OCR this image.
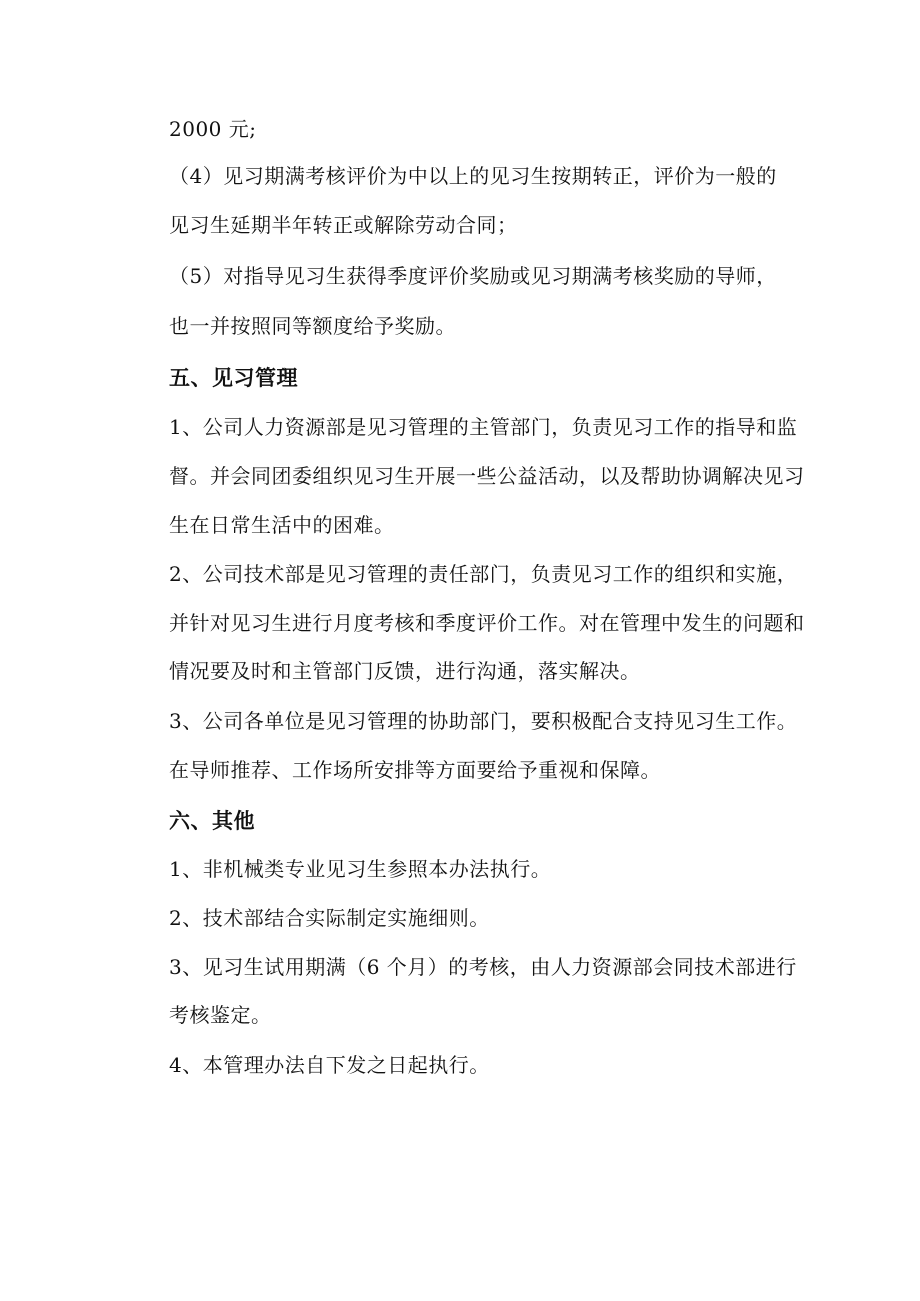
2000 元;

（4）见习期满考核评价为中以上的见习生按期转正，评价为一般的

见习生延期半年转正或解除劳动合同；

（5）对指导见习生获得季度评价奖励或见习期满考核奖励的导师，

也一并按照同等额度给予奖励。

五、见习管理

1、公司人力资源部是见习管理的主管部门，负责见习工作的指导和监

督。并会同团委组织见习生开展一些公益活动，以及帮助协调解决见习

生在日常生活中的困难。

2、公司技术部是见习管理的责任部门，负责见习工作的组织和实施，

并针对见习生进行月度考核和季度评价工作。对在管理中发生的问题和

情况要及时和主管部门反馈，进行沟通，落实解决。

3、公司各单位是见习管理的协助部门，要积极配合支持见习生工作。

在导师推荐、工作场所安排等方面要给予重视和保障。

六、其他

1、非机械类专业见习生参照本办法执行。

2、技术部结合实际制定实施细则。

3、见习生试用期满（6 个月）的考核，由人力资源部会同技术部进行

考核鉴定。

4、本管理办法自下发之日起执行。
